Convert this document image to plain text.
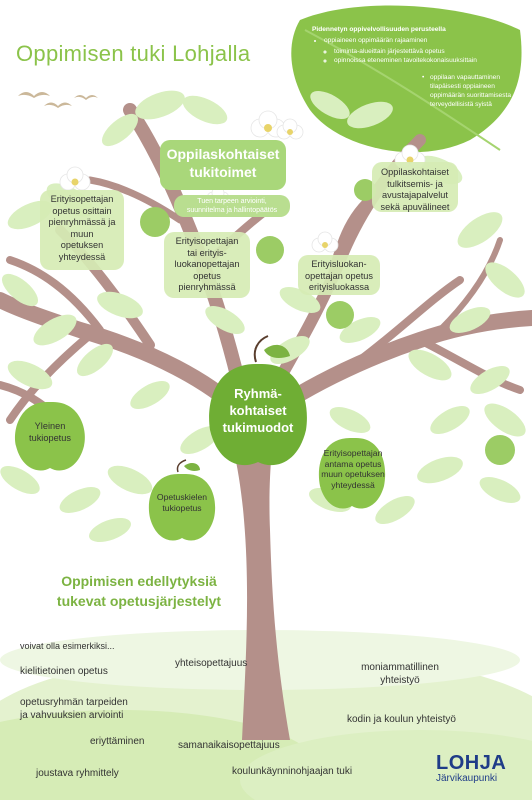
Oppimisen tuki Lohjalla
Pidennetyn oppivelvollisuuden perusteella
• oppiaineen oppimäärän rajaaminen
◦ toiminta-alueittain järjestettävä opetus
◦ opinnoissa eteneminen tavoitekokonaisuuksittain
• oppilaan vapauttaminen tilapäisesti oppiaineen oppimäärän suorittamisesta terveydellisistä syistä
Oppilaskohtaiset
tukitoimet
Tuen tarpeen arviointi,
suunnitelma ja hallintopäätös
Erityisopettajan
opetus osittain
pienryhmässä ja
muun
opetuksen
yhteydessä
Erityisopettajan
tai erityis-
luokanopettajan
opetus
pienryhmässä
Oppilaskohtaiset
tulkitsemis- ja
avustajapalvelut
sekä apuvälineet
Erityisluokan-
opettajan opetus
erityisluokassa
Ryhmä-
kohtaiset
tukimuodot
Yleinen
tukiopetus
Opetuskielen
tukiopetus
Erityisopettajan
antama opetus
muun opetuksen
yhteydessä
Oppimisen edellytyksiä
tukevat opetusjärjestelyt
voivat olla esimerkiksi...
kielitietoinen opetus
yhteisopettajuus	moniammatillinen
yhteistyö
opetusryhmän tarpeiden
ja vahvuuksien arviointi	kodin ja koulun yhteistyö
eriyttäminen	samanaikaisopettajuus
joustava ryhmittely	koulunkäynninohjaajan tuki	LOHJA
Järvikaupunki
